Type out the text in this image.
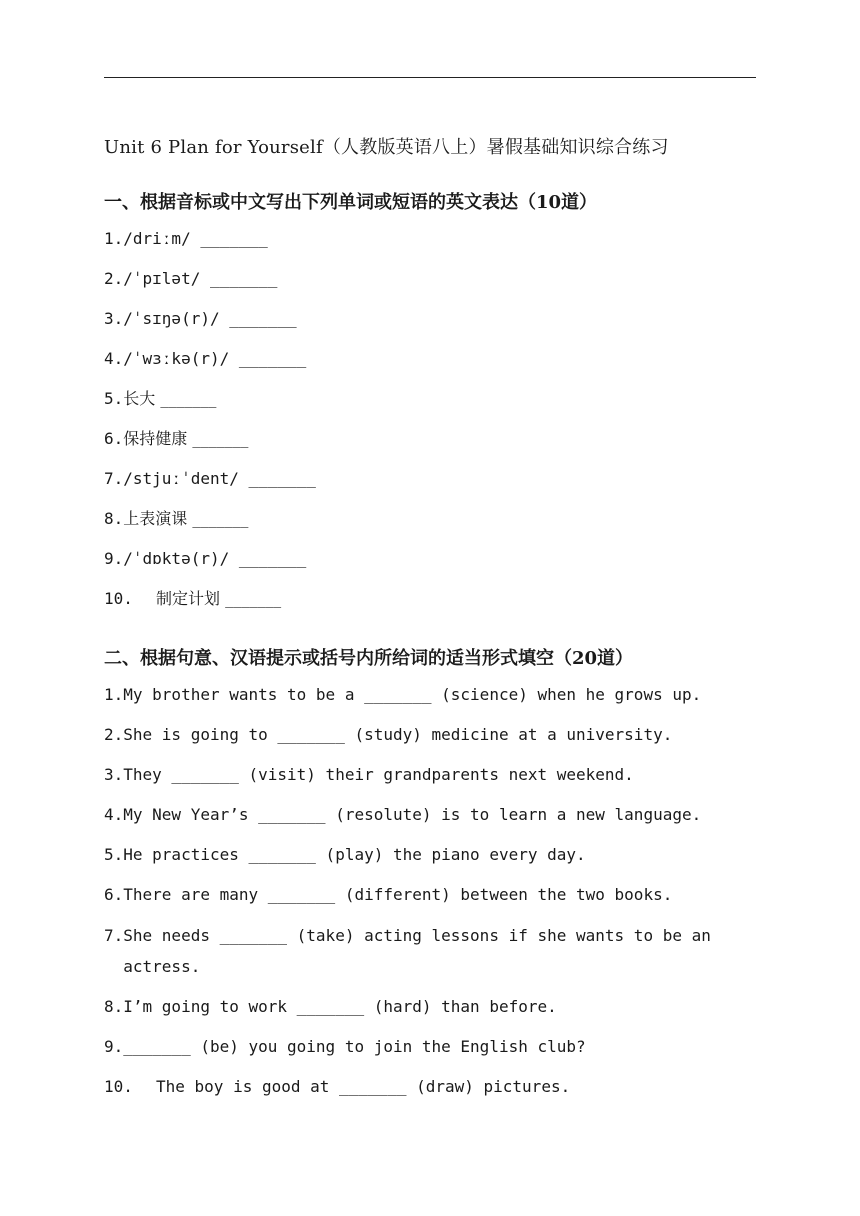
Unit 6 Plan for Yourself（人教版英语八上）暑假基础知识综合练习
一、根据音标或中文写出下列单词或短语的英文表达（10道）
1. /driːm/ _______
2. /ˈpɪlət/ _______
3. /ˈsɪŋə(r)/ _______
4. /ˈwɜːkə(r)/ _______
5. 长大 _______
6. 保持健康 _______
7. /stjuːˈdent/ _______
8. 上表演课 _______
9. /ˈdɒktə(r)/ _______
10.	制定计划 _______
二、根据句意、汉语提示或括号内所给词的适当形式填空（20道）
1. My brother wants to be a _______ (science) when he grows up.
2. She is going to _______ (study) medicine at a university.
3. They _______ (visit) their grandparents next weekend.
4. My New Year’s _______ (resolute) is to learn a new language.
5. He practices _______ (play) the piano every day.
6. There are many _______ (different) between the two books.
7. She needs _______ (take) acting lessons if she wants to be an actress.
8. I’m going to work _______ (hard) than before.
9. _______ (be) you going to join the English club?
10.	The boy is good at _______ (draw) pictures.
